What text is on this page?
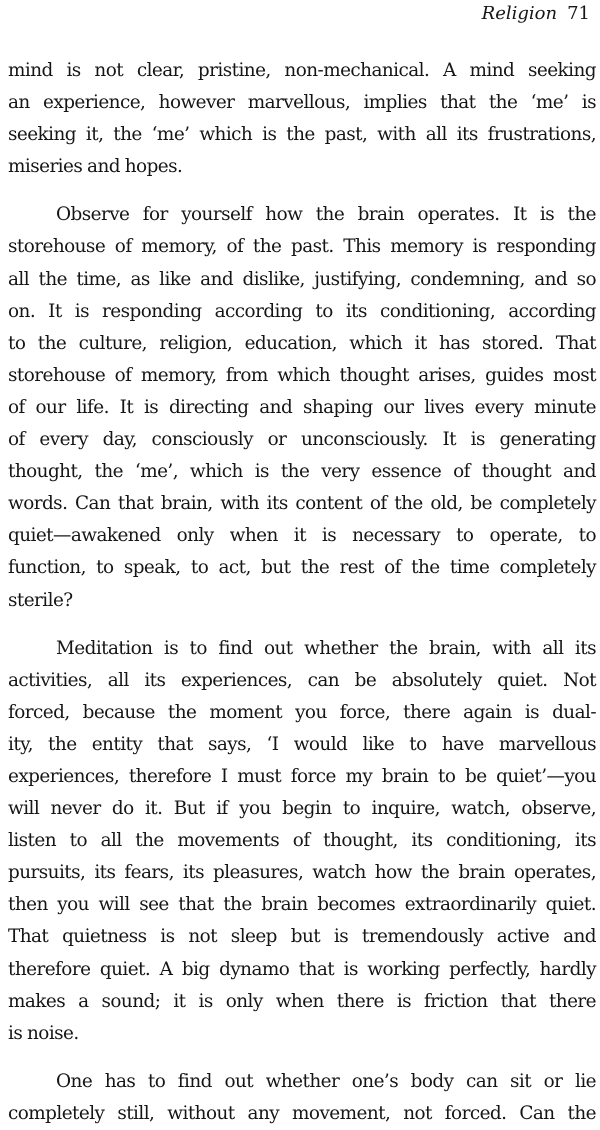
Religion 71

mind is not clear, pristine, non-mechanical. A mind seeking
an experience, however marvellous, implies that the ‘me’ is
seeking it, the ‘me’ which is the past, with all its frustrations,
miseries and hopes.

Observe for yourself how the brain operates. It is the
storehouse of memory, of the past. This memory is responding
all the time, as like and dislike, justifying, condemning, and so
on. It is responding according to its conditioning, according
to the culture, religion, education, which it has stored. That
storehouse of memory, from which thought arises, guides most
of our life. It is directing and shaping our lives every minute
of every day, consciously or unconsciously. It is generating
thought, the ‘me’, which is the very essence of thought and
words. Can that brain, with its content of the old, be completely
quiet—awakened only when it is necessary to operate, to
function, to speak, to act, but the rest of the time completely
sterile?

Meditation is to find out whether the brain, with all its
activities, all its experiences, can be absolutely quiet. Not
forced, because the moment you force, there again is dual-
ity, the entity that says, ‘I would like to have marvellous
experiences, therefore I must force my brain to be quiet’—you
will never do it. But if you begin to inquire, watch, observe,
listen to all the movements of thought, its conditioning, its
pursuits, its fears, its pleasures, watch how the brain operates,
then you will see that the brain becomes extraordinarily quiet.
That quietness is not sleep but is tremendously active and
therefore quiet. A big dynamo that is working perfectly, hardly
makes a sound; it is only when there is friction that there
is noise.

One has to find out whether one’s body can sit or lie
completely still, without any movement, not forced. Can the
